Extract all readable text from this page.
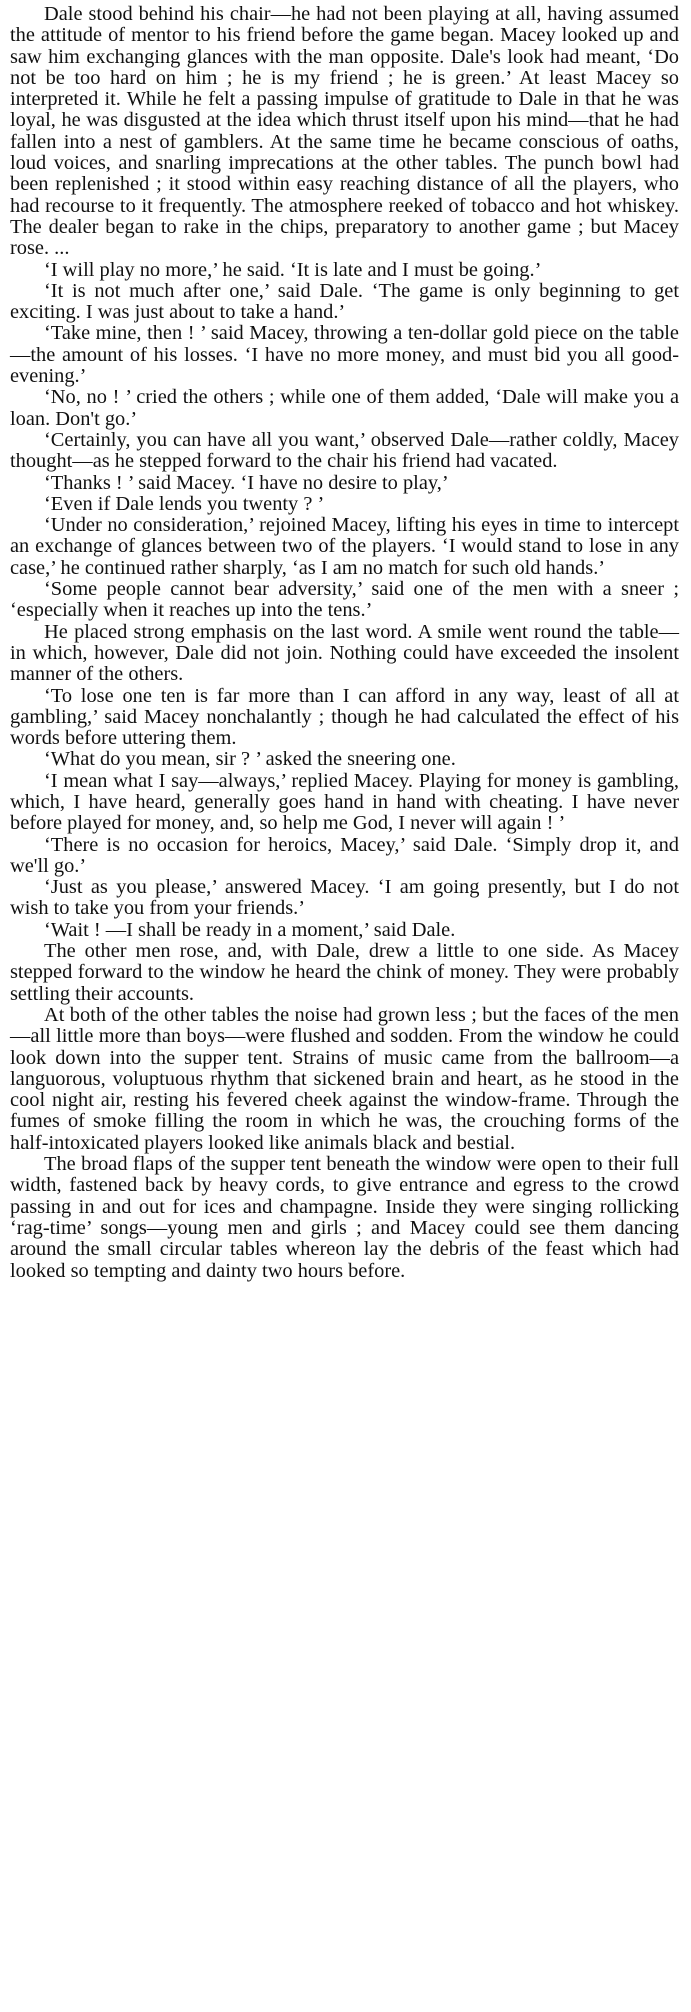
Dale stood behind his chair—he had not been playing at all, having assumed the attitude of mentor to his friend before the game began. Macey looked up and saw him exchanging glances with the man opposite. Dale's look had meant, ‘Do not be too hard on him ; he is my friend ; he is green.’ At least Macey so interpreted it. While he felt a passing impulse of gratitude to Dale in that he was loyal, he was disgusted at the idea which thrust itself upon his mind—that he had fallen into a nest of gamblers. At the same time he became conscious of oaths, loud voices, and snarling imprecations at the other tables. The punch bowl had been replenished ; it stood within easy reaching distance of all the players, who had recourse to it frequently. The atmosphere reeked of tobacco and hot whiskey. The dealer began to rake in the chips, preparatory to another game ; but Macey rose. ...

‘I will play no more,’ he said. ‘It is late and I must be going.’

‘It is not much after one,’ said Dale. ‘The game is only beginning to get exciting. I was just about to take a hand.’

‘Take mine, then ! ’ said Macey, throwing a ten-dollar gold piece on the table—the amount of his losses. ‘I have no more money, and must bid you all good-evening.’

‘No, no ! ’ cried the others ; while one of them added, ‘Dale will make you a loan. Don't go.’

‘Certainly, you can have all you want,’ observed Dale—rather coldly, Macey thought—as he stepped forward to the chair his friend had vacated.

‘Thanks ! ’ said Macey. ‘I have no desire to play,’

‘Even if Dale lends you twenty ? ’

‘Under no consideration,’ rejoined Macey, lifting his eyes in time to intercept an exchange of glances between two of the players. ‘I would stand to lose in any case,’ he continued rather sharply, ‘as I am no match for such old hands.’

‘Some people cannot bear adversity,’ said one of the men with a sneer ; ‘especially when it reaches up into the tens.’

He placed strong emphasis on the last word. A smile went round the table—in which, however, Dale did not join. Nothing could have exceeded the insolent manner of the others.

‘To lose one ten is far more than I can afford in any way, least of all at gambling,’ said Macey nonchalantly ; though he had calculated the effect of his words before uttering them.

‘What do you mean, sir ? ’ asked the sneering one.

‘I mean what I say—always,’ replied Macey. Playing for money is gambling, which, I have heard, generally goes hand in hand with cheating. I have never before played for money, and, so help me God, I never will again ! ’

‘There is no occasion for heroics, Macey,’ said Dale. ‘Simply drop it, and we'll go.’

‘Just as you please,’ answered Macey. ‘I am going presently, but I do not wish to take you from your friends.’

‘Wait ! —I shall be ready in a moment,’ said Dale.

The other men rose, and, with Dale, drew a little to one side. As Macey stepped forward to the window he heard the chink of money. They were probably settling their accounts.

At both of the other tables the noise had grown less ; but the faces of the men—all little more than boys—were flushed and sodden. From the window he could look down into the supper tent. Strains of music came from the ballroom—a languorous, voluptuous rhythm that sickened brain and heart, as he stood in the cool night air, resting his fevered cheek against the window-frame. Through the fumes of smoke filling the room in which he was, the crouching forms of the half-intoxicated players looked like animals black and bestial.

The broad flaps of the supper tent beneath the window were open to their full width, fastened back by heavy cords, to give entrance and egress to the crowd passing in and out for ices and champagne. Inside they were singing rollicking ‘rag-time’ songs—young men and girls ; and Macey could see them dancing around the small circular tables whereon lay the debris of the feast which had looked so tempting and dainty two hours before.
